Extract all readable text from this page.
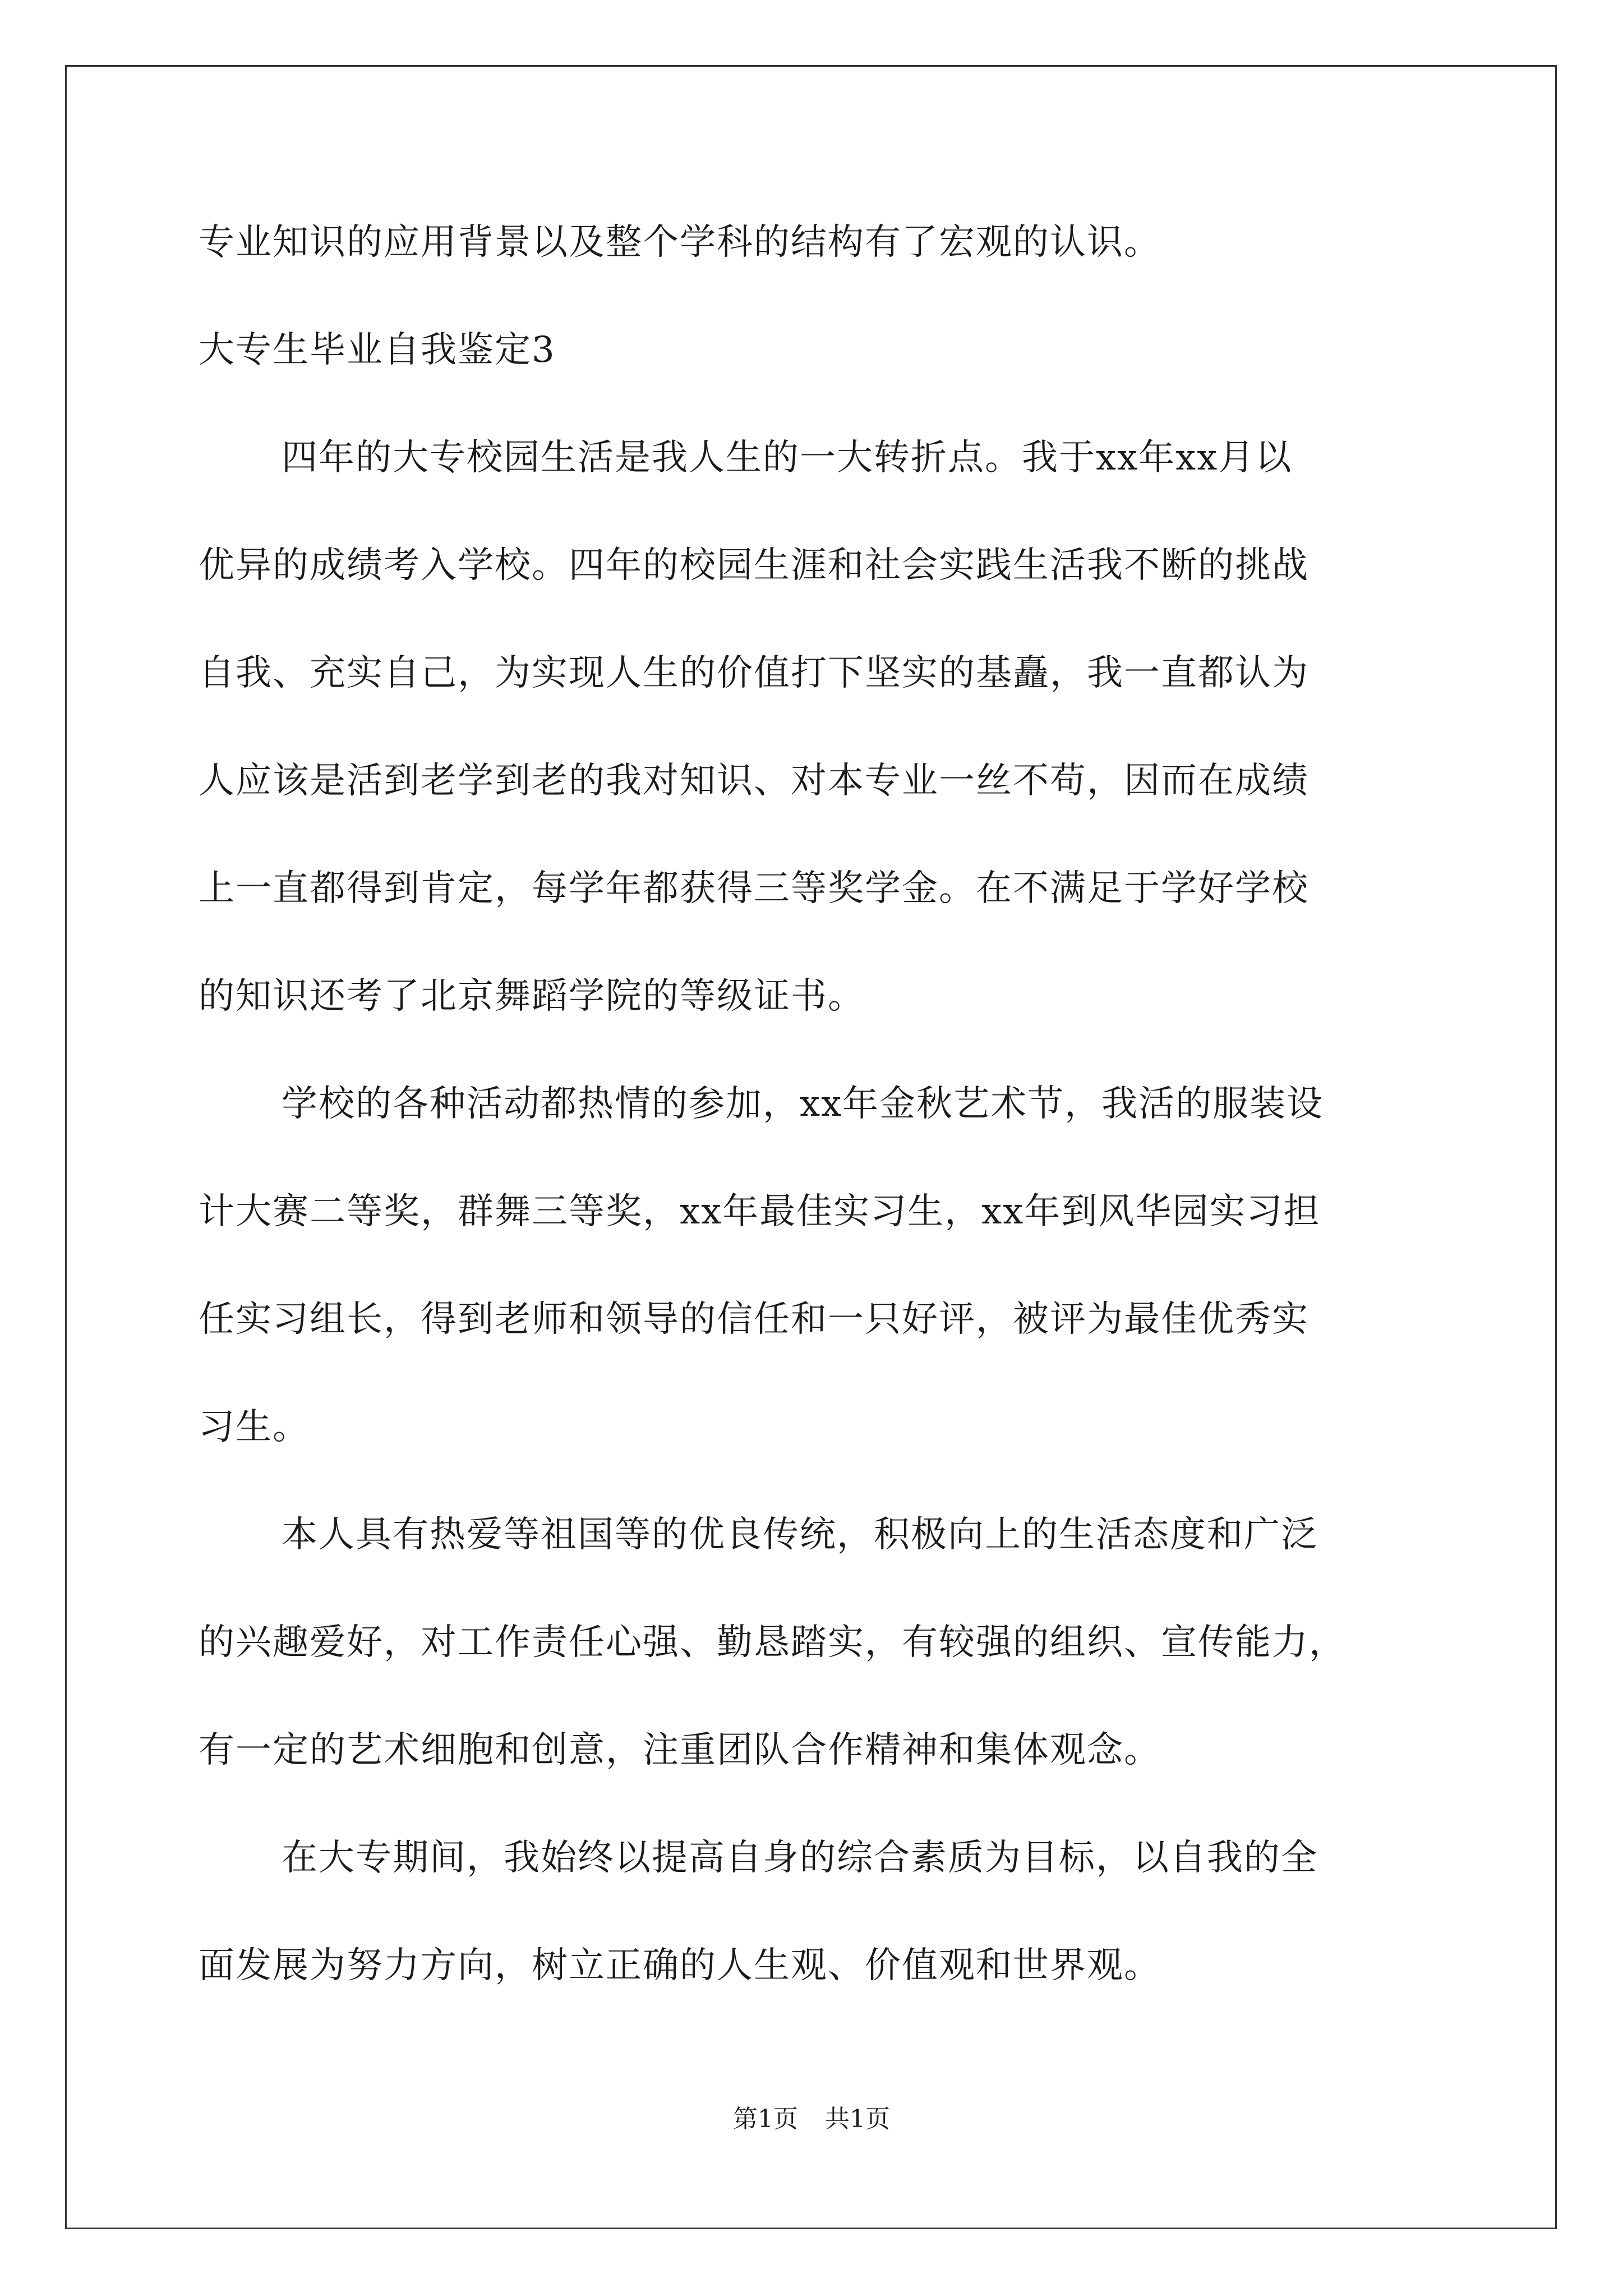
专业知识的应用背景以及整个学科的结构有了宏观的认识。

大专生毕业自我鉴定3

四年的大专校园生活是我人生的一大转折点。我于xx年xx月以

优异的成绩考入学校。四年的校园生涯和社会实践生活我不断的挑战

自我、充实自己，为实现人生的价值打下坚实的基矗，我一直都认为

人应该是活到老学到老的我对知识、对本专业一丝不苟，因而在成绩

上一直都得到肯定，每学年都获得三等奖学金。在不满足于学好学校

的知识还考了北京舞蹈学院的等级证书。

学校的各种活动都热情的参加，xx年金秋艺术节，我活的服装设

计大赛二等奖，群舞三等奖，xx年最佳实习生，xx年到风华园实习担

任实习组长，得到老师和领导的信任和一只好评，被评为最佳优秀实

习生。

本人具有热爱等祖国等的优良传统，积极向上的生活态度和广泛

的兴趣爱好，对工作责任心强、勤恳踏实，有较强的组织、宣传能力，

有一定的艺术细胞和创意，注重团队合作精神和集体观念。

在大专期间，我始终以提高自身的综合素质为目标，以自我的全

面发展为努力方向，树立正确的人生观、价值观和世界观。

第1页 共1页
